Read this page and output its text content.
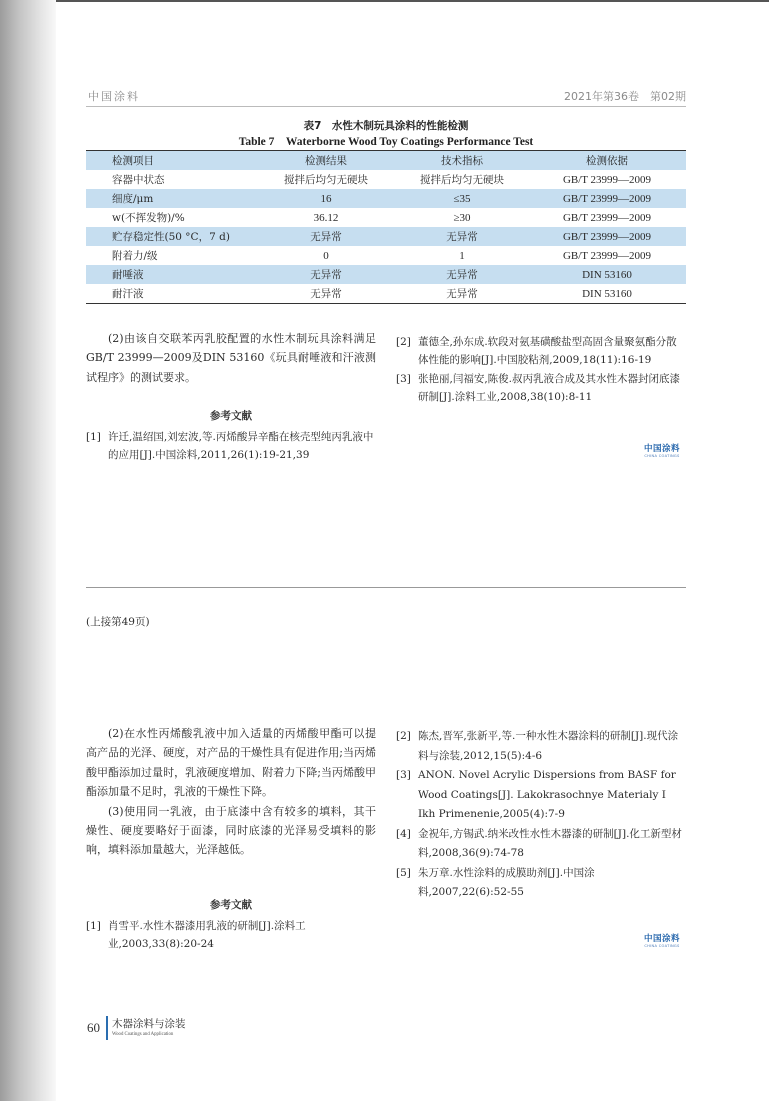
中国涂料	2021年第36卷　第02期
表7　水性木制玩具涂料的性能检测
Table 7　Waterborne Wood Toy Coatings Performance Test
检测项目	检测结果	技术指标	检测依据
容器中状态	搅拌后均匀无硬块	搅拌后均匀无硬块	GB/T 23999—2009
细度/μm	16	≤35	GB/T 23999—2009
w(不挥发物)/%	36.12	≥30	GB/T 23999—2009
贮存稳定性(50 °C，7 d)	无异常	无异常	GB/T 23999—2009
附着力/级	0	1	GB/T 23999—2009
耐唾液	无异常	无异常	DIN 53160
耐汗液	无异常	无异常	DIN 53160

(2)由该自交联苯丙乳胶配置的水性木制玩具涂料满足GB/T 23999—2009及DIN 53160《玩具耐唾液和汗液测试程序》的测试要求。

参考文献
[1] 许迁,温绍国,刘宏波,等.丙烯酸异辛酯在核壳型纯丙乳液中的应用[J].中国涂料,2011,26(1):19-21,39
[2] 董德全,孙东成.软段对氨基磺酸盐型高固含量聚氨酯分散体性能的影响[J].中国胶粘剂,2009,18(11):16-19
[3] 张艳丽,闫福安,陈俊.叔丙乳液合成及其水性木器封闭底漆研制[J].涂料工业,2008,38(10):8-11
中国涂料
CHINA COATINGS
(上接第49页)

(2)在水性丙烯酸乳液中加入适量的丙烯酸甲酯可以提高产品的光泽、硬度，对产品的干燥性具有促进作用;当丙烯酸甲酯添加过量时，乳液硬度增加、附着力下降;当丙烯酸甲酯添加量不足时，乳液的干燥性下降。

(3)使用同一乳液，由于底漆中含有较多的填料，其干燥性、硬度要略好于面漆，同时底漆的光泽易受填料的影响，填料添加量越大，光泽越低。

参考文献
[1] 肖雪平.水性木器漆用乳液的研制[J].涂料工业,2003,33(8):20-24
[2] 陈杰,晋军,张新平,等.一种水性木器涂料的研制[J].现代涂料与涂装,2012,15(5):4-6
[3] ANON. Novel Acrylic Dispersions from BASF for Wood Coatings[J]. Lakokrasochnye Materialy I Ikh Primenenie,2005(4):7-9
[4] 金祝年,方锡武.纳米改性水性木器漆的研制[J].化工新型材料,2008,36(9):74-78
[5] 朱万章.水性涂料的成膜助剂[J].中国涂料,2007,22(6):52-55
中国涂料
CHINA COATINGS
60 木器涂料与涂装
Wood Coatings and Application
